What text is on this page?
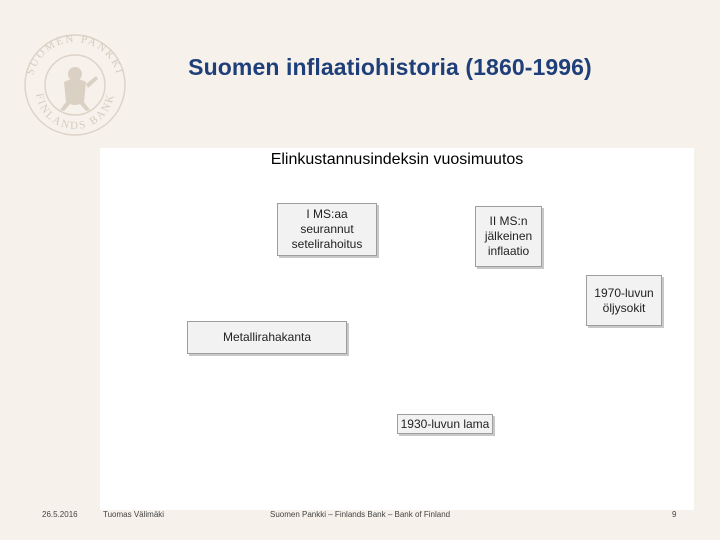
SUOMEN PANKKI
FINLANDS BANK
Suomen inflaatiohistoria (1860-1996)
Elinkustannusindeksin vuosimuutos
I MS:aa
seurannut
setelirahoitus
II MS:n
jälkeinen
inflaatio
1970-luvun
öljysokit
Metallirahakanta
1930-luvun lama
26.5.2016	Tuomas Välimäki	Suomen Pankki – Finlands Bank – Bank of Finland	9
